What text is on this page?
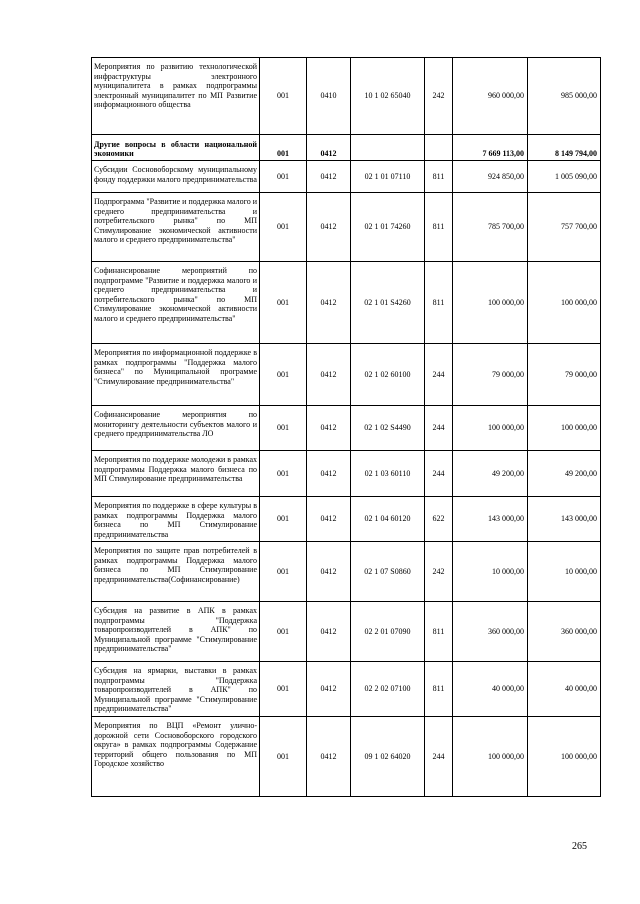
Мероприятия по развитию технологической инфраструктуры электронного муниципалитета в рамках подпрограммы электронный муниципалитет по МП Развитие информационного общества	001	0410	10 1 02 65040	242	960 000,00	985 000,00
Другие вопросы в области национальной экономики	001	0412			7 669 113,00	8 149 794,00
Субсидии Сосновоборскому муниципальному фонду поддержки малого предпринимательства	001	0412	02 1 01 07110	811	924 850,00	1 005 090,00
Подпрограмма "Развитие и поддержка малого и среднего предпринимательства и потребительского рынка" по МП Стимулирование экономической активности малого и среднего предпринимательства"	001	0412	02 1 01 74260	811	785 700,00	757 700,00
Софинансирование мероприятий по подпрограмме "Развитие и поддержка малого и среднего предпринимательства и потребительского рынка" по МП Стимулирование экономической активности малого и среднего предпринимательства"	001	0412	02 1 01 S4260	811	100 000,00	100 000,00
Мероприятия по информационной поддержке в рамках подпрограммы "Поддержка малого бизнеса" по Муниципальной программе "Стимулирование предпринимательства"	001	0412	02 1 02 60100	244	79 000,00	79 000,00
Софинансирование мероприятия по мониторингу деятельности субъектов малого и среднего предпринимательства ЛО	001	0412	02 1 02 S4490	244	100 000,00	100 000,00
Мероприятия по поддержке молодежи в рамках подпрограммы Поддержка малого бизнеса по МП Стимулирование предпринимательства	001	0412	02 1 03 60110	244	49 200,00	49 200,00
Мероприятия по поддержке в сфере культуры в рамках подпрограммы Поддержка малого бизнеса по МП Стимулирование предпринимательства	001	0412	02 1 04 60120	622	143 000,00	143 000,00
Мероприятия по защите прав потребителей в рамках подпрограммы Поддержка малого бизнеса по МП Стимулирование предпринимательства(Софинансирование)	001	0412	02 1 07 S0860	242	10 000,00	10 000,00
Субсидия на развитие в АПК в рамках подпрограммы "Поддержка товаропроизводителей в АПК" по Муниципальной программе "Стимулирование предпринимательства"	001	0412	02 2 01 07090	811	360 000,00	360 000,00
Субсидия на ярмарки, выставки в рамках подпрограммы "Поддержка товаропроизводителей в АПК" по Муниципальной программе "Стимулирование предпринимательства"	001	0412	02 2 02 07100	811	40 000,00	40 000,00
Мероприятия по ВЦП «Ремонт улично-дорожной сети Сосновоборского городского округа» в рамках подпрограммы Содержание территорий общего пользования по МП Городское хозяйство	001	0412	09 1 02 64020	244	100 000,00	100 000,00
265
